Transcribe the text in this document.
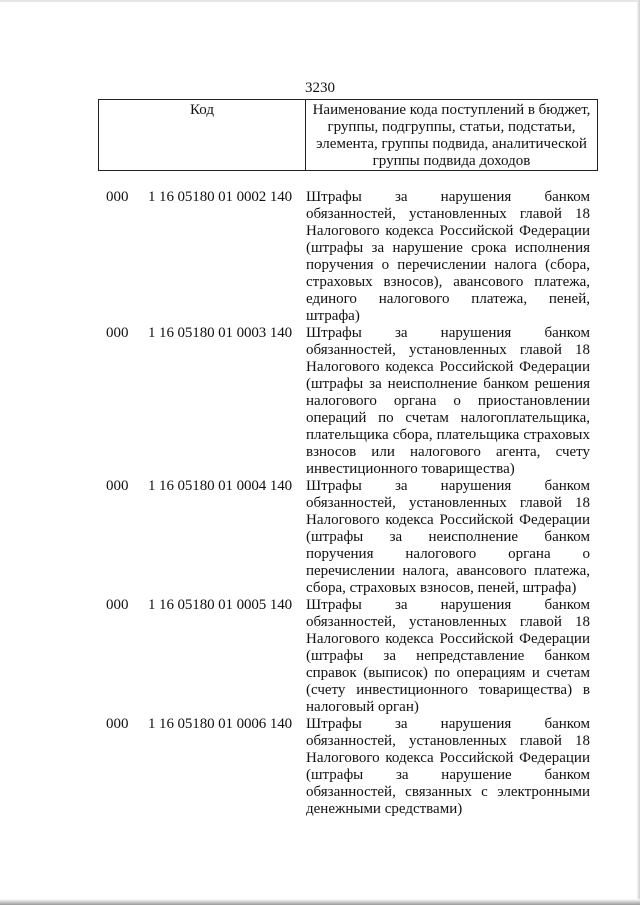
3230
Код	Наименование кода поступлений в бюджет, группы, подгруппы, статьи, подстатьи, элемента, группы подвида, аналитической группы подвида доходов
000 1 16 05180 01 0002 140 Штрафы за нарушения банком обязанностей, установленных главой 18 Налогового кодекса Российской Федерации (штрафы за нарушение срока исполнения поручения о перечислении налога (сбора, страховых взносов), авансового платежа, единого налогового платежа, пеней, штрафа)
000 1 16 05180 01 0003 140 Штрафы за нарушения банком обязанностей, установленных главой 18 Налогового кодекса Российской Федерации (штрафы за неисполнение банком решения налогового органа о приостановлении операций по счетам налогоплательщика, плательщика сбора, плательщика страховых взносов или налогового агента, счету инвестиционного товарищества)
000 1 16 05180 01 0004 140 Штрафы за нарушения банком обязанностей, установленных главой 18 Налогового кодекса Российской Федерации (штрафы за неисполнение банком поручения налогового органа о перечислении налога, авансового платежа, сбора, страховых взносов, пеней, штрафа)
000 1 16 05180 01 0005 140 Штрафы за нарушения банком обязанностей, установленных главой 18 Налогового кодекса Российской Федерации (штрафы за непредставление банком справок (выписок) по операциям и счетам (счету инвестиционного товарищества) в налоговый орган)
000 1 16 05180 01 0006 140 Штрафы за нарушения банком обязанностей, установленных главой 18 Налогового кодекса Российской Федерации (штрафы за нарушение банком обязанностей, связанных с электронными денежными средствами)
